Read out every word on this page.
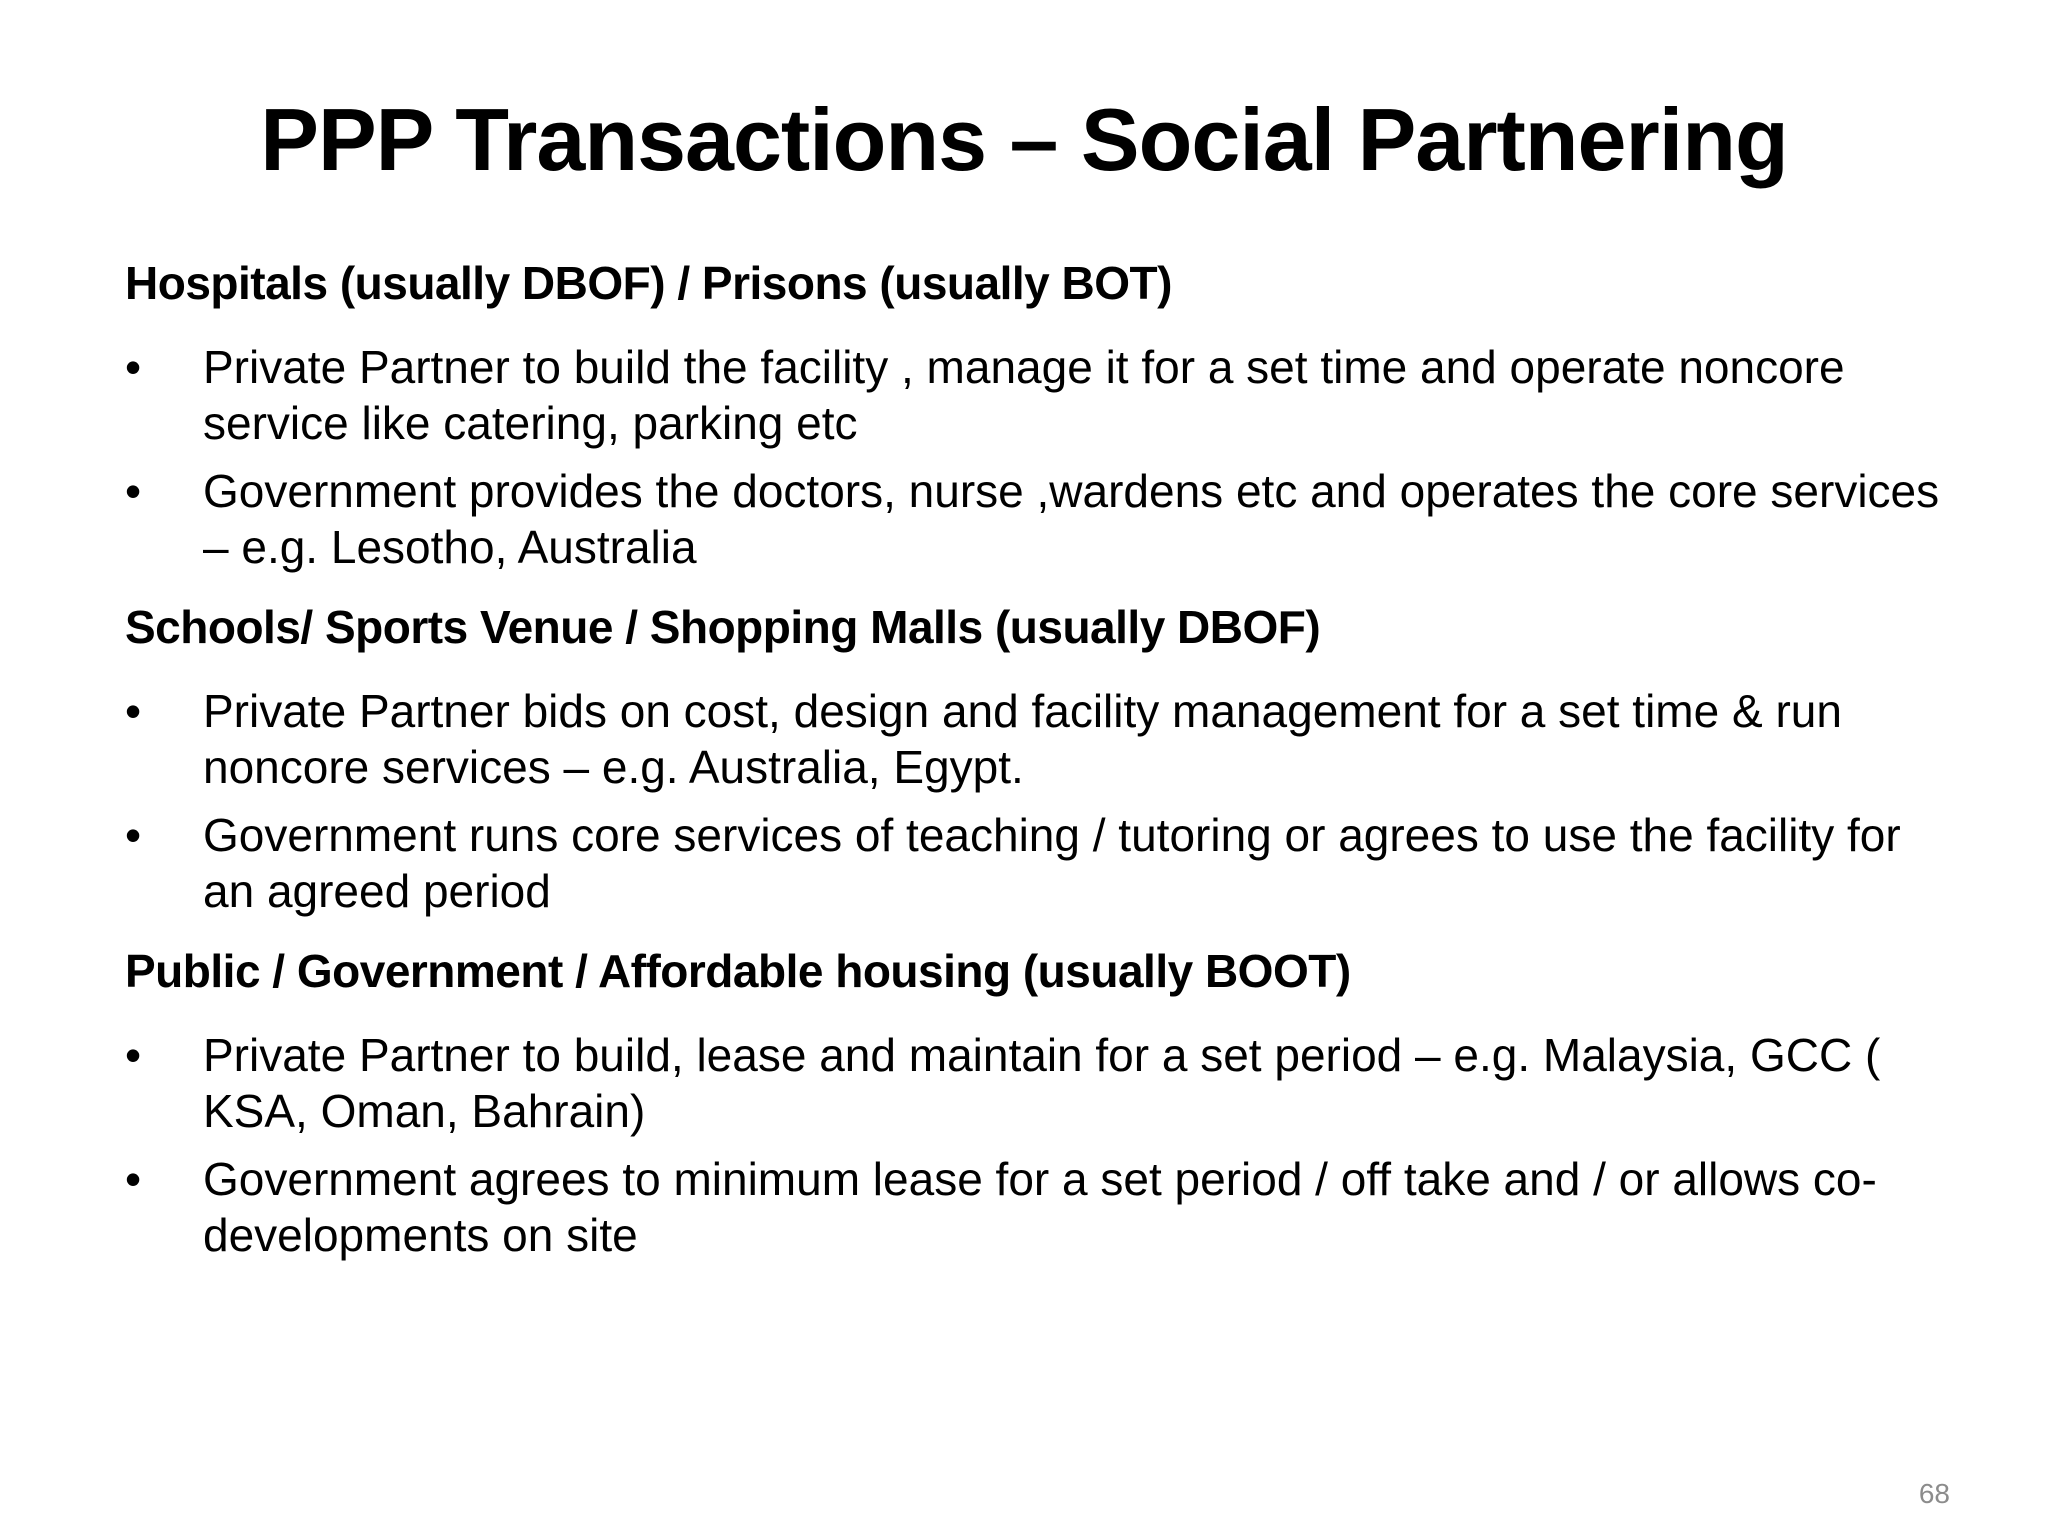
PPP Transactions – Social Partnering
Hospitals (usually DBOF) / Prisons (usually BOT)
•	Private Partner to build the facility , manage it for a set time and operate noncore service like catering, parking etc
•	Government provides the doctors, nurse ,wardens etc and operates the core services – e.g. Lesotho, Australia
Schools/ Sports Venue / Shopping Malls (usually DBOF)
•	Private Partner bids on cost, design and facility management for a set time & run noncore services – e.g. Australia, Egypt.
•	Government runs core services of teaching / tutoring or agrees to use the facility for an agreed period
Public / Government / Affordable housing (usually BOOT)
•	Private Partner to build, lease and maintain for a set period – e.g. Malaysia, GCC ( KSA, Oman, Bahrain)
•	Government agrees to minimum lease for a set period / off take and / or allows co-developments on site
68
